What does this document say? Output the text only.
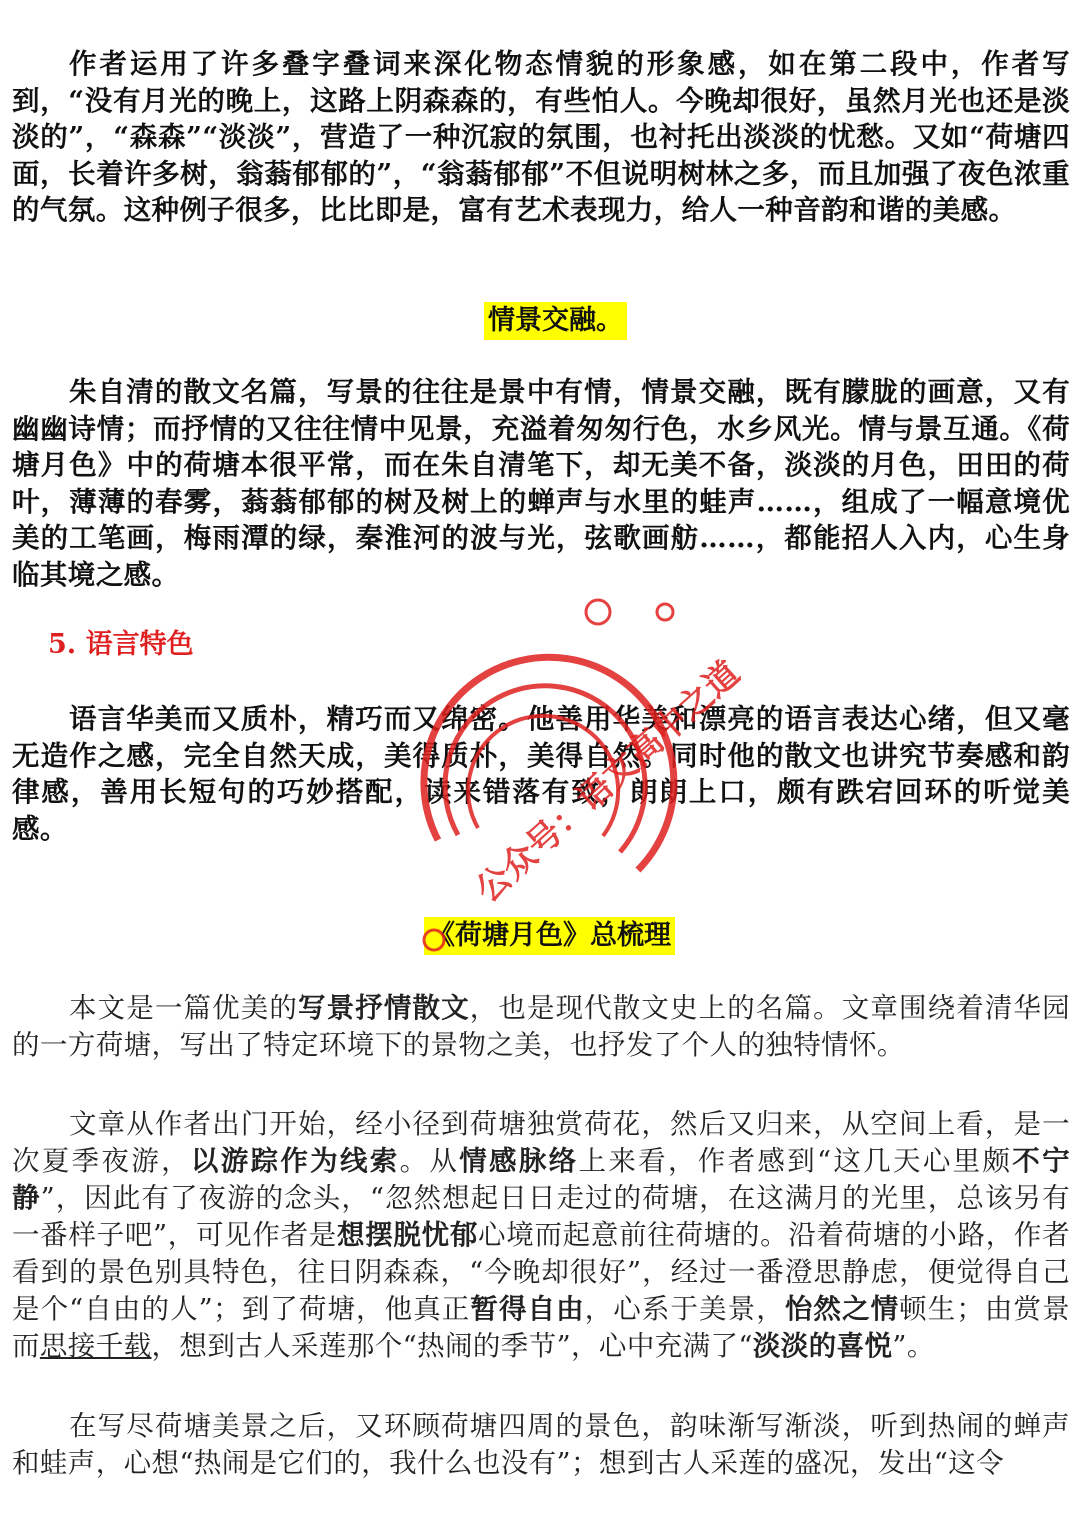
作者运用了许多叠字叠词来深化物态情貌的形象感，如在第二段中，作者写到，“没有月光的晚上，这路上阴森森的，有些怕人。今晚却很好，虽然月光也还是淡淡的”，“森森”“淡淡”，营造了一种沉寂的氛围，也衬托出淡淡的忧愁。又如“荷塘四面，长着许多树，翁蓊郁郁的”，“翁蓊郁郁”不但说明树林之多，而且加强了夜色浓重的气氛。这种例子很多，比比即是，富有艺术表现力，给人一种音韵和谐的美感。

情景交融。

朱自清的散文名篇，写景的往往是景中有情，情景交融，既有朦胧的画意，又有幽幽诗情；而抒情的又往往情中见景，充溢着匆匆行色，水乡风光。情与景互通。《荷塘月色》中的荷塘本很平常，而在朱自清笔下，却无美不备，淡淡的月色，田田的荷叶，薄薄的春雾，蓊蓊郁郁的树及树上的蝉声与水里的蛙声……，组成了一幅意境优美的工笔画，梅雨潭的绿，秦淮河的波与光，弦歌画舫……，都能招人入内，心生身临其境之感。

5. 语言特色

语言华美而又质朴，精巧而又绵密。他善用华美和漂亮的语言表达心绪，但又毫无造作之感，完全自然天成，美得质朴，美得自然。同时他的散文也讲究节奏感和韵律感，善用长短句的巧妙搭配，读来错落有致，朗朗上口，颇有跌宕回环的听觉美感。

《荷塘月色》总梳理

本文是一篇优美的写景抒情散文，也是现代散文史上的名篇。文章围绕着清华园的一方荷塘，写出了特定环境下的景物之美，也抒发了个人的独特情怀。

文章从作者出门开始，经小径到荷塘独赏荷花，然后又归来，从空间上看，是一次夏季夜游，以游踪作为线索。从情感脉络上来看，作者感到“这几天心里颇不宁静”，因此有了夜游的念头，“忽然想起日日走过的荷塘，在这满月的光里，总该另有一番样子吧”，可见作者是想摆脱忧郁心境而起意前往荷塘的。沿着荷塘的小路，作者看到的景色别具特色，往日阴森森，“今晚却很好”，经过一番澄思静虑，便觉得自己是个“自由的人”；到了荷塘，他真正暂得自由，心系于美景，怡然之情顿生；由赏景而思接千载，想到古人采莲那个“热闹的季节”，心中充满了“淡淡的喜悦”。

在写尽荷塘美景之后，又环顾荷塘四周的景色，韵味渐写渐淡，听到热闹的蝉声和蛙声，心想“热闹是它们的，我什么也没有”；想到古人采莲的盛况，发出“这令

公众号：语文高中之道
